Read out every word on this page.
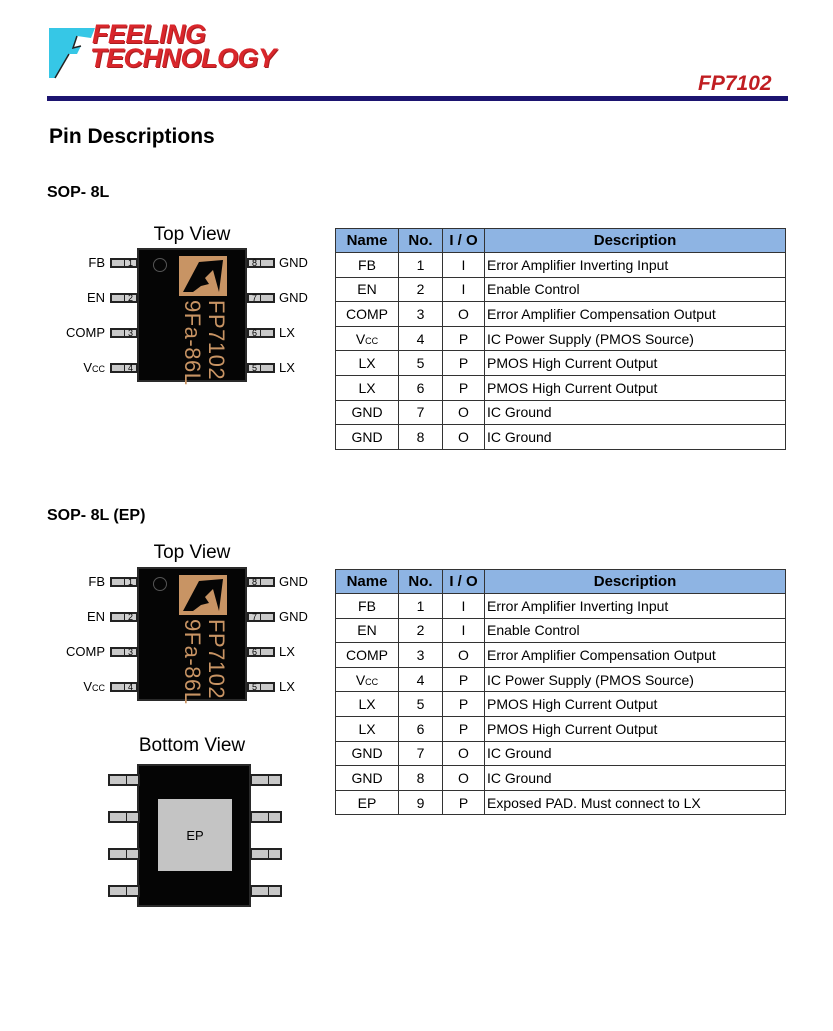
FEELING
TECHNOLOGY
FP7102
Pin Descriptions
SOP- 8L
Top View
FP7102
9Fa-86L
1
2
3
4
FB
EN
COMP
VCC
8
7
6
5
GND
GND
LX
LX
Name	No.	I / O	Description
FB	1	I	Error Amplifier Inverting Input
EN	2	I	Enable Control
COMP	3	O	Error Amplifier Compensation Output
VCC	4	P	IC Power Supply (PMOS Source)
LX	5	P	PMOS High Current Output
LX	6	P	PMOS High Current Output
GND	7	O	IC Ground
GND	8	O	IC Ground
SOP- 8L (EP)
Top View
FP7102
9Fa-86L
1
2
3
4
FB
EN
COMP
VCC
8
7
6
5
GND
GND
LX
LX
Bottom View
EP
Name	No.	I / O	Description
FB	1	I	Error Amplifier Inverting Input
EN	2	I	Enable Control
COMP	3	O	Error Amplifier Compensation Output
VCC	4	P	IC Power Supply (PMOS Source)
LX	5	P	PMOS High Current Output
LX	6	P	PMOS High Current Output
GND	7	O	IC Ground
GND	8	O	IC Ground
EP	9	P	Exposed PAD. Must connect to LX
